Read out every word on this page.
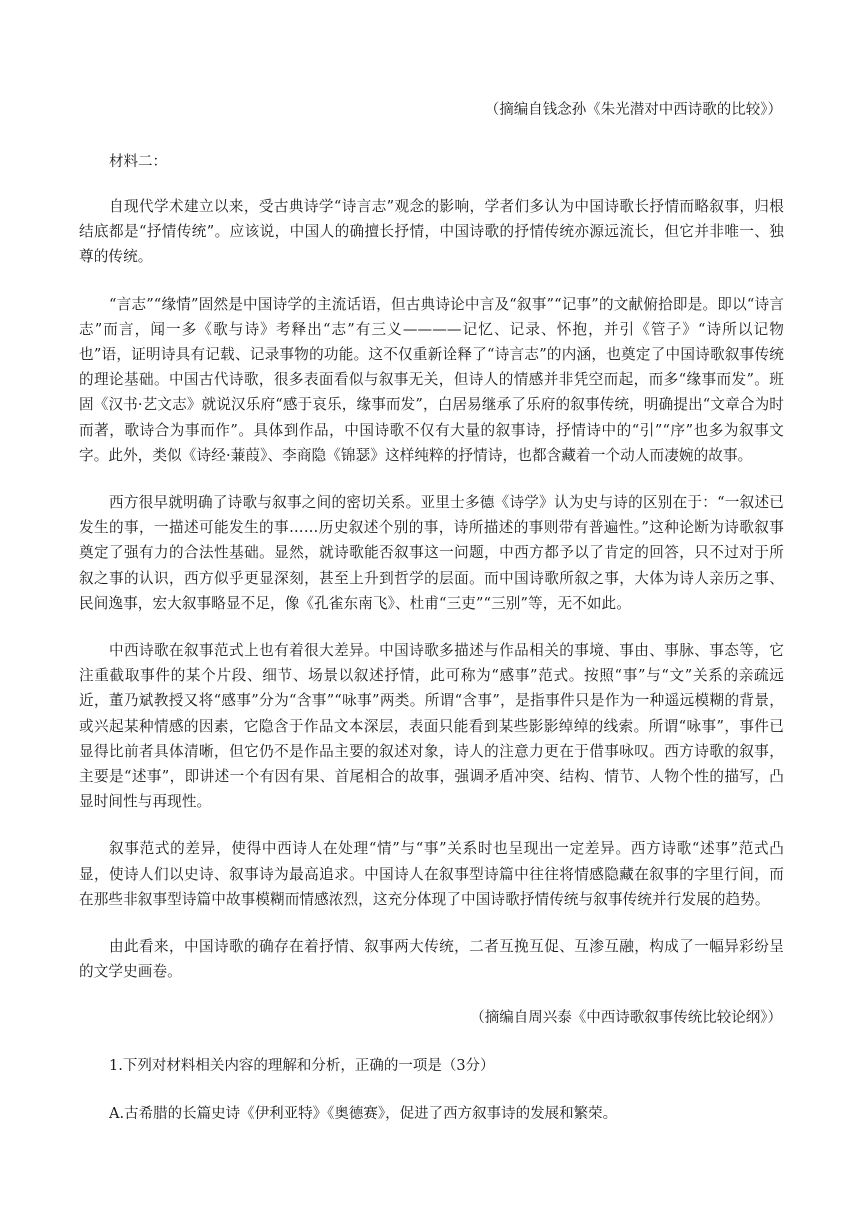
（摘编自钱念孙《朱光潜对中西诗歌的比较》）

材料二：

自现代学术建立以来，受古典诗学“诗言志”观念的影响，学者们多认为中国诗歌长抒情而略叙事，归根结底都是“抒情传统”。应该说，中国人的确擅长抒情，中国诗歌的抒情传统亦源远流长，但它并非唯一、独尊的传统。

“言志”“缘情”固然是中国诗学的主流话语，但古典诗论中言及“叙事”“记事”的文献俯拾即是。即以“诗言志”而言，闻一多《歌与诗》考释出“志”有三义————记忆、记录、怀抱，并引《管子》“诗所以记物也”语，证明诗具有记载、记录事物的功能。这不仅重新诠释了“诗言志”的内涵，也奠定了中国诗歌叙事传统的理论基础。中国古代诗歌，很多表面看似与叙事无关，但诗人的情感并非凭空而起，而多“缘事而发”。班固《汉书·艺文志》就说汉乐府“感于哀乐，缘事而发”，白居易继承了乐府的叙事传统，明确提出“文章合为时而著，歌诗合为事而作”。具体到作品，中国诗歌不仅有大量的叙事诗，抒情诗中的“引”“序”也多为叙事文字。此外，类似《诗经·蒹葭》、李商隐《锦瑟》这样纯粹的抒情诗，也都含藏着一个动人而凄婉的故事。

西方很早就明确了诗歌与叙事之间的密切关系。亚里士多德《诗学》认为史与诗的区别在于：“一叙述已发生的事，一描述可能发生的事……历史叙述个别的事，诗所描述的事则带有普遍性。”这种论断为诗歌叙事奠定了强有力的合法性基础。显然，就诗歌能否叙事这一问题，中西方都予以了肯定的回答，只不过对于所叙之事的认识，西方似乎更显深刻，甚至上升到哲学的层面。而中国诗歌所叙之事，大体为诗人亲历之事、民间逸事，宏大叙事略显不足，像《孔雀东南飞》、杜甫“三吏”“三别”等，无不如此。

中西诗歌在叙事范式上也有着很大差异。中国诗歌多描述与作品相关的事境、事由、事脉、事态等，它注重截取事件的某个片段、细节、场景以叙述抒情，此可称为“感事”范式。按照“事”与“文”关系的亲疏远近，董乃斌教授又将“感事”分为“含事”“咏事”两类。所谓“含事”，是指事件只是作为一种遥远模糊的背景，或兴起某种情感的因素，它隐含于作品文本深层，表面只能看到某些影影绰绰的线索。所谓“咏事”，事件已显得比前者具体清晰，但它仍不是作品主要的叙述对象，诗人的注意力更在于借事咏叹。西方诗歌的叙事，主要是“述事”，即讲述一个有因有果、首尾相合的故事，强调矛盾冲突、结构、情节、人物个性的描写，凸显时间性与再现性。

叙事范式的差异，使得中西诗人在处理“情”与“事”关系时也呈现出一定差异。西方诗歌“述事”范式凸显，使诗人们以史诗、叙事诗为最高追求。中国诗人在叙事型诗篇中往往将情感隐藏在叙事的字里行间，而在那些非叙事型诗篇中故事模糊而情感浓烈，这充分体现了中国诗歌抒情传统与叙事传统并行发展的趋势。

由此看来，中国诗歌的确存在着抒情、叙事两大传统，二者互挽互促、互渗互融，构成了一幅异彩纷呈的文学史画卷。

（摘编自周兴泰《中西诗歌叙事传统比较论纲》）

1.下列对材料相关内容的理解和分析，正确的一项是（3分）

A.古希腊的长篇史诗《伊利亚特》《奥德赛》，促进了西方叙事诗的发展和繁荣。
